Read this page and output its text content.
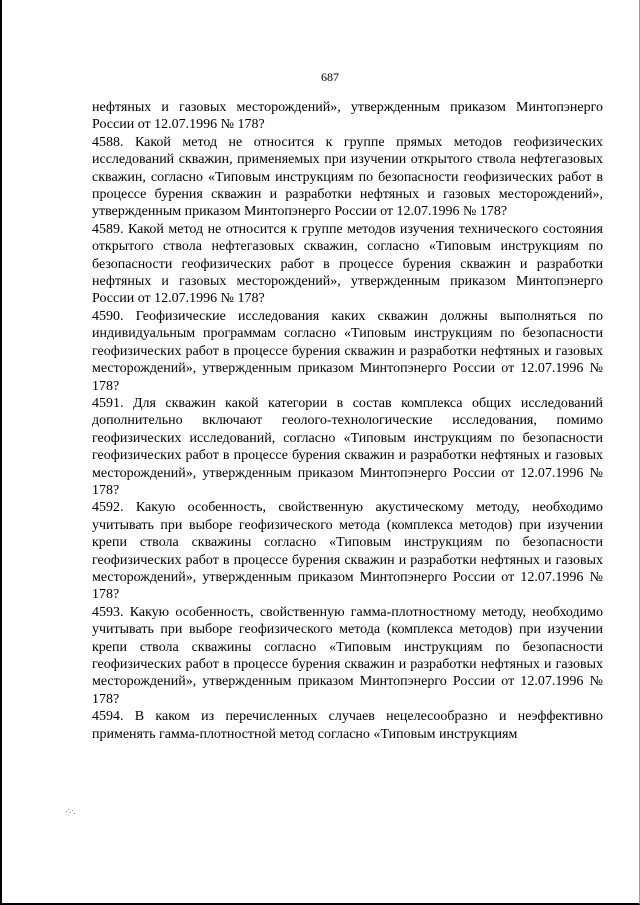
687

нефтяных и газовых месторождений», утвержденным приказом Минтопэнерго России от 12.07.1996 № 178?

4588. Какой метод не относится к группе прямых методов геофизических исследований скважин, применяемых при изучении открытого ствола нефтегазовых скважин, согласно «Типовым инструкциям по безопасности геофизических работ в процессе бурения скважин и разработки нефтяных и газовых месторождений», утвержденным приказом Минтопэнерго России от 12.07.1996 № 178?

4589. Какой метод не относится к группе методов изучения технического состояния открытого ствола нефтегазовых скважин, согласно «Типовым инструкциям по безопасности геофизических работ в процессе бурения скважин и разработки нефтяных и газовых месторождений», утвержденным приказом Минтопэнерго России от 12.07.1996 № 178?

4590. Геофизические исследования каких скважин должны выполняться по индивидуальным программам согласно «Типовым инструкциям по безопасности геофизических работ в процессе бурения скважин и разработки нефтяных и газовых месторождений», утвержденным приказом Минтопэнерго России от 12.07.1996 № 178?

4591. Для скважин какой категории в состав комплекса общих исследований дополнительно включают геолого-технологические исследования, помимо геофизических исследований, согласно «Типовым инструкциям по безопасности геофизических работ в процессе бурения скважин и разработки нефтяных и газовых месторождений», утвержденным приказом Минтопэнерго России от 12.07.1996 № 178?

4592. Какую особенность, свойственную акустическому методу, необходимо учитывать при выборе геофизического метода (комплекса методов) при изучении крепи ствола скважины согласно «Типовым инструкциям по безопасности геофизических работ в процессе бурения скважин и разработки нефтяных и газовых месторождений», утвержденным приказом Минтопэнерго России от 12.07.1996 № 178?

4593. Какую особенность, свойственную гамма-плотностному методу, необходимо учитывать при выборе геофизического метода (комплекса методов) при изучении крепи ствола скважины согласно «Типовым инструкциям по безопасности геофизических работ в процессе бурения скважин и разработки нефтяных и газовых месторождений», утвержденным приказом Минтопэнерго России от 12.07.1996 № 178?

4594. В каком из перечисленных случаев нецелесообразно и неэффективно применять гамма-плотностной метод согласно «Типовым инструкциям
